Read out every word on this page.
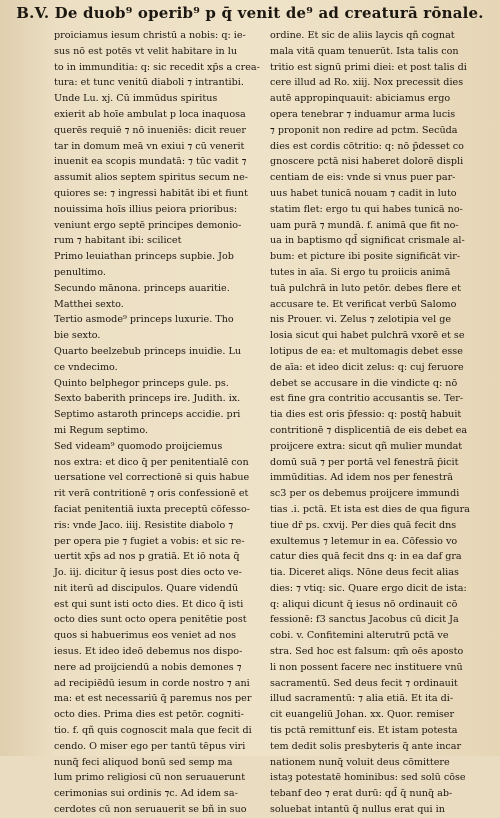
B.V. De duob⁹ operib⁹ p q̄ venit de⁹ ad creaturā rōnale.
proiciamus iesum christū a nobis: q: ie-
sus nō est potēs vt velit habitare in lu
to in immunditia: q: sic recedit xp̄s a crea-
tura: et tunc venitū diaboli ⁊ intrantibi.
Unde Lu. xj. Cū immūdus spiritus
exierit ab hoīe ambulat p loca inaquosa
querēs requiē ⁊ nō inueniēs: dicit reuer
tar in domum meā vn exiui ⁊ cū venerit
inuenit ea scopis mundatā: ⁊ tūc vadit ⁊
assumit alios septem spiritus secum ne-
quiores se: ⁊ ingressi habitāt ibi et fiunt
nouissima hoīs illius peiora prioribus:
veniunt ergo septē principes demonio-
rum ⁊ habitant ibi: scilicet
Primo leuiathan princeps supbie. Job
penultimo.
Secundo mānona. princeps auaritie.
Matthei sexto.
Tertio asmode⁹ princeps luxurie. Tho
bie sexto.
Quarto beelzebub princeps inuidie. Lu
ce vndecimo.
Quinto belphegor princeps gule. ps.
Sexto baberith princeps ire. Judith. ix.
Septimo astaroth princeps accidie. pri
mi Regum septimo.
Sed videam⁹ quomodo proijciemus
nos extra: et dico q̄ per penitentialē con
uersatione vel correctionē si quis habue
rit verā contritionē ⁊ oris confessionē et
faciat penitentiā iuxta preceptū cōfesso-
ris: vnde Jaco. iiij. Resistite diabolo ⁊
per opera pie ⁊ fugiet a vobis: et sic re-
uertit xp̄s ad nos p gratiā. Et iō nota q̄
Jo. iij. dicitur q̄ iesus post dies octo ve-
nit iterū ad discipulos. Quare videndū
est qui sunt isti octo dies. Et dico q̄ isti
octo dies sunt octo opera penitētie post
quos si habuerimus eos veniet ad nos
iesus. Et ideo ideō debemus nos dispo-
nere ad proijciendū a nobis demones ⁊
ad recipiēdū iesum in corde nostro ⁊ ani
ma: et est necessariū q̄ paremus nos per
octo dies. Prima dies est petōr. cogniti-
tio. f. qñ quis cognoscit mala que fecit di
cendo. O miser ego per tantū tēpus viri
nunq̄ feci aliquod bonū sed semp ma
lum primo religiosi cū non seruauerunt
cerimonias sui ordinis ⁊c. Ad idem sa-
cerdotes cū non seruauerit se bñ in suo
ordine. Et sic de aliis laycis qñ cognat
mala vitā quam tenuerūt. Ista talis con
tritio est signū primi diei: et post talis di
cere illud ad Ro. xiij. Nox precessit dies
autē appropinquauit: abiciamus ergo
opera tenebrar ⁊ induamur arma lucis
⁊ proponit non redire ad pctm. Secūda
dies est cordis cōtritio: q: nō p̄desset co
gnoscere pctā nisi haberet dolorē displi
centiam de eis: vnde si vnus puer par-
uus habet tunicā nouam ⁊ cadit in luto
statim flet: ergo tu qui habes tunicā no-
uam purā ⁊ mundā. f. animā que fit no-
ua in baptismo qd̄ significat crismale al-
bum: et picture ibi posite significāt vir-
tutes in aīa. Si ergo tu proiicis animā
tuā pulchrā in luto petōr. debes flere et
accusare te. Et verificat verbū Salomo
nis Prouer. vi. Zelus ⁊ zelotipia vel ge
losia sicut qui habet pulchrā vxorē et se
lotipus de ea: et multomagis debet esse
de aīa: et ideo dicit zelus: q: cuj feruore
debet se accusare in die vindicte q: nō
est fine gra contritio accusantis se. Ter-
tia dies est oris p̄fessio: q: postq̄ habuit
contritionē ⁊ displicentiā de eis debet ea
proijcere extra: sicut qñ mulier mundat
domū suā ⁊ per portā vel fenestrā p̄icit
immūditias. Ad idem nos per fenestrā
sc3 per os debemus proijcere immundi
tias .i. pctā. Et ista est dies de qua figura
tiue dr̄ ps. cxvij. Per dies quā fecit dns
exultemus ⁊ letemur in ea. Cōfessio vo
catur dies quā fecit dns q: in ea daf gra
tia. Diceret aliqs. Nōne deus fecit alias
dies: ⁊ vtiq: sic. Quare ergo dicit de ista:
q: aliqui dicunt q̄ iesus nō ordinauit cō
fessionē: f3 sanctus Jacobus cū dicit Ja
cobi. v. Confitemini alterutrū pctā ve
stra. Sed hoc est falsum: qm̄ oēs aposto
li non possent facere nec instituere vnū
sacramentū. Sed deus fecit ⁊ ordinauit
illud sacramentū: ⁊ alia etiā. Et ita di-
cit euangeliū Johan. xx. Quor. remiser
tis pctā remittunf eis. Et istam potesta
tem dedit solis presbyteris q̄ ante incar
nationem nunq̄ voluit deus cōmittere
istaȝ potestatē hominibus: sed solū cōse
tebanf deo ⁊ erat durū: qd̄ q̄ nunq̄ ab-
soluebat intantū q̄ nullus erat qui in
